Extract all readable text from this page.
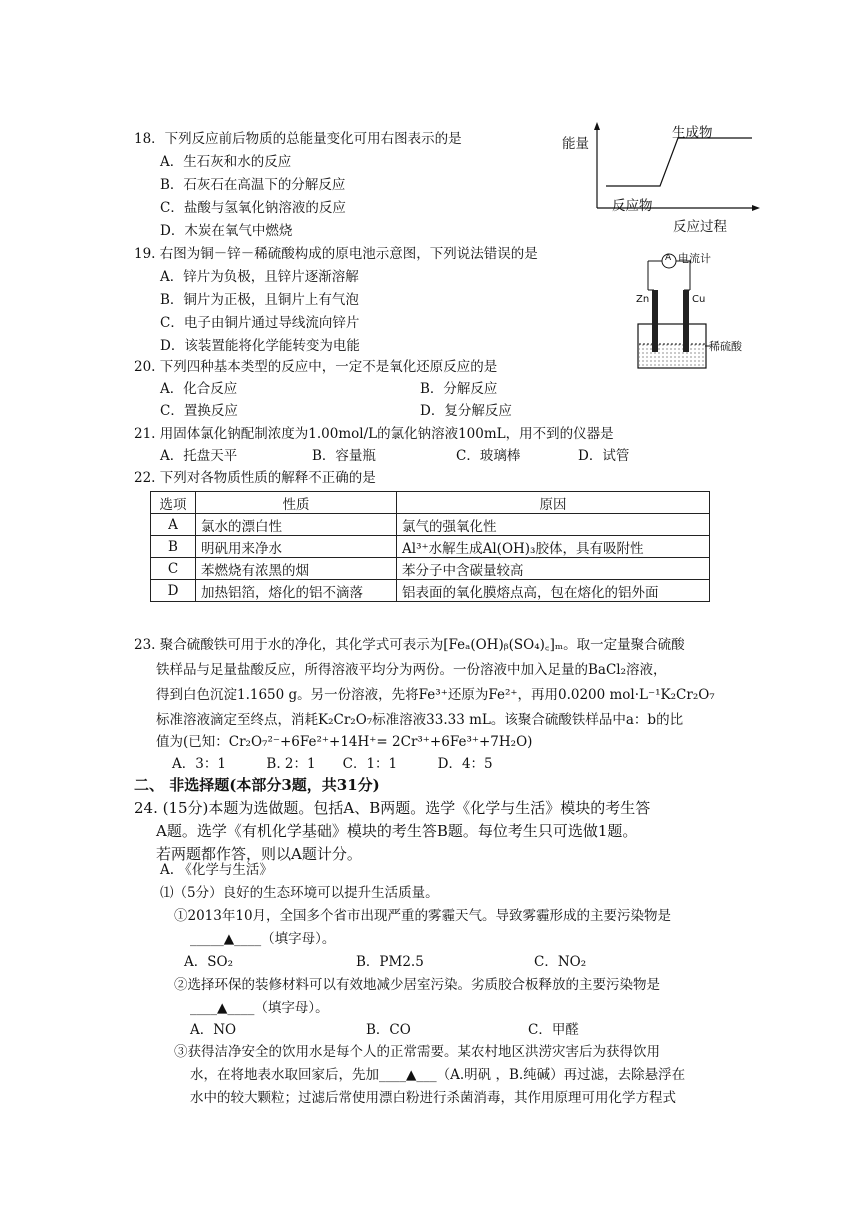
18．下列反应前后物质的总能量变化可用右图表示的是
A．生石灰和水的反应
B．石灰石在高温下的分解反应
C．盐酸与氢氧化钠溶液的反应
D．木炭在氧气中燃烧
能量
生成物
反应物
反应过程
19. 右图为铜－锌－稀硫酸构成的原电池示意图，下列说法错误的是
A．锌片为负极，且锌片逐渐溶解
B．铜片为正极，且铜片上有气泡
C．电子由铜片通过导线流向锌片
D．该装置能将化学能转变为电能
A 电流计
Zn	Cu
稀硫酸
20. 下列四种基本类型的反应中，一定不是氧化还原反应的是
A．化合反应	B．分解反应
C．置换反应	D．复分解反应
21. 用固体氯化钠配制浓度为1.00mol/L的氯化钠溶液100mL，用不到的仪器是
A．托盘天平	B．容量瓶	C．玻璃棒	D．试管
22. 下列对各物质性质的解释不正确的是
选项	性质	原因
A	氯水的漂白性	氯气的强氧化性
B	明矾用来净水	Al³⁺水解生成Al(OH)₃胶体，具有吸附性
C	苯燃烧有浓黑的烟	苯分子中含碳量较高
D	加热铝箔，熔化的铝不滴落	铝表面的氧化膜熔点高，包在熔化的铝外面
23. 聚合硫酸铁可用于水的净化，其化学式可表示为[Feₐ(OH)ᵦ(SO₄)꜀]ₘ。取一定量聚合硫酸
铁样品与足量盐酸反应，所得溶液平均分为两份。一份溶液中加入足量的BaCl₂溶液，
得到白色沉淀1.1650 g。另一份溶液，先将Fe³⁺还原为Fe²⁺，再用0.0200 mol·L⁻¹K₂Cr₂O₇
标准溶液滴定至终点，消耗K₂Cr₂O₇标准溶液33.33 mL。该聚合硫酸铁样品中a：b的比
值为(已知：Cr₂O₇²⁻+6Fe²⁺+14H⁺= 2Cr³⁺+6Fe³⁺+7H₂O)
A．3：1　　　B. 2：1　　C．1：1　　　D．4：5
二、 非选择题(本部分3题，共31分)
24. (15分)本题为选做题。包括A、B两题。选学《化学与生活》模块的考生答
A题。选学《有机化学基础》模块的考生答B题。每位考生只可选做1题。
若两题都作答，则以A题计分。
A. 《化学与生活》
⑴（5分）良好的生态环境可以提升生活质量。
①2013年10月，全国多个省市出现严重的雾霾天气。导致雾霾形成的主要污染物是
_____▲____（填字母）。
A．SO₂	B．PM2.5	C．NO₂
②选择环保的装修材料可以有效地减少居室污染。劣质胶合板释放的主要污染物是
____▲____（填字母）。
A．NO	B．CO	C．甲醛
③获得洁净安全的饮用水是每个人的正常需要。某农村地区洪涝灾害后为获得饮用
水，在将地表水取回家后，先加____▲___（A.明矾 ，B.纯碱）再过滤，去除悬浮在
水中的较大颗粒；过滤后常使用漂白粉进行杀菌消毒，其作用原理可用化学方程式
